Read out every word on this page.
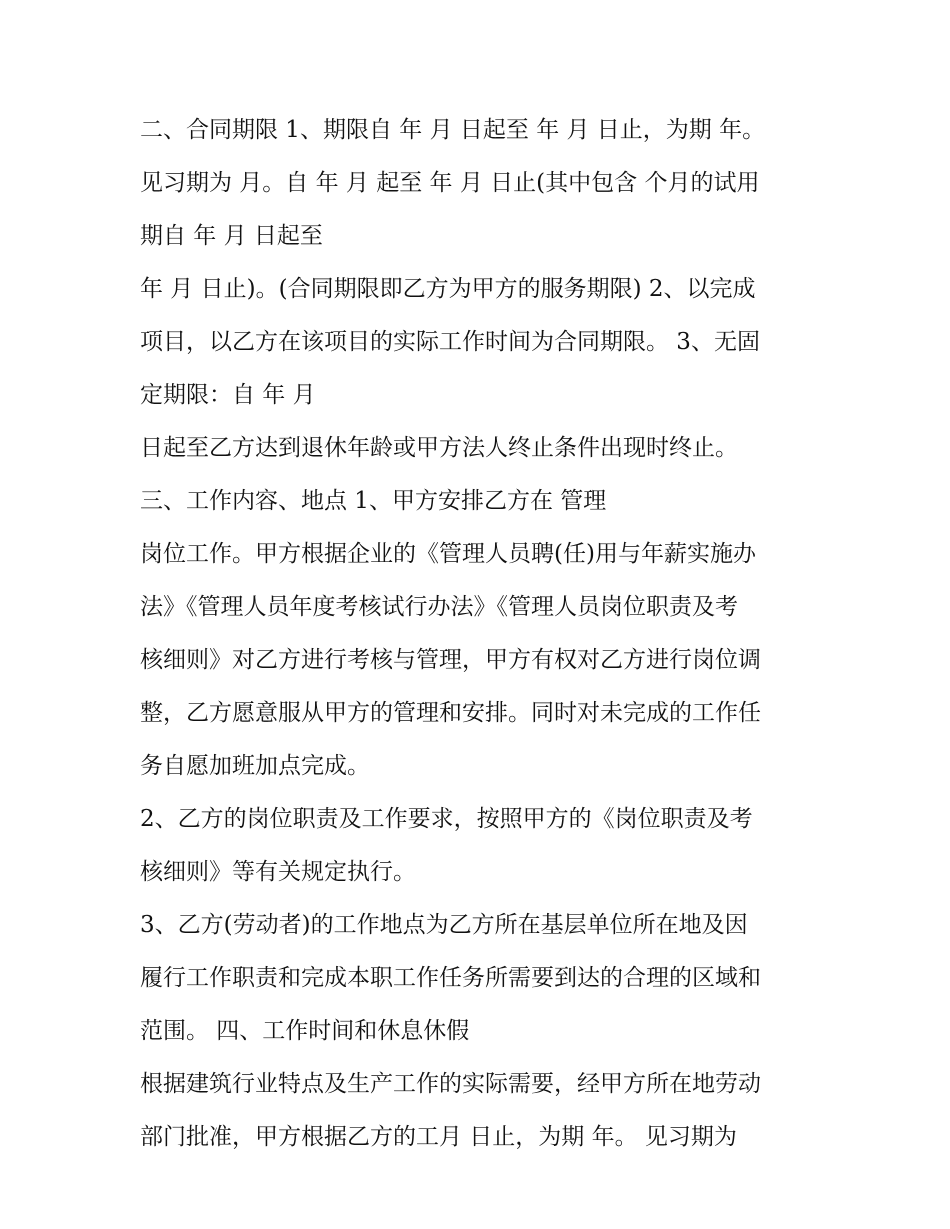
二、合同期限 1、期限自 年 月 日起至 年 月 日止，为期 年。
见习期为 月。自 年 月 起至 年 月 日止(其中包含 个月的试用
期自 年 月 日起至
年 月 日止)。(合同期限即乙方为甲方的服务期限) 2、以完成
项目，以乙方在该项目的实际工作时间为合同期限。 3、无固
定期限：自 年 月
日起至乙方达到退休年龄或甲方法人终止条件出现时终止。
三、工作内容、地点 1、甲方安排乙方在 管理
岗位工作。甲方根据企业的《管理人员聘(任)用与年薪实施办
法》《管理人员年度考核试行办法》《管理人员岗位职责及考
核细则》对乙方进行考核与管理，甲方有权对乙方进行岗位调
整，乙方愿意服从甲方的管理和安排。同时对未完成的工作任
务自愿加班加点完成。
2、乙方的岗位职责及工作要求，按照甲方的《岗位职责及考
核细则》等有关规定执行。
3、乙方(劳动者)的工作地点为乙方所在基层单位所在地及因
履行工作职责和完成本职工作任务所需要到达的合理的区域和
范围。 四、工作时间和休息休假
根据建筑行业特点及生产工作的实际需要，经甲方所在地劳动
部门批准，甲方根据乙方的工月 日止，为期 年。 见习期为
